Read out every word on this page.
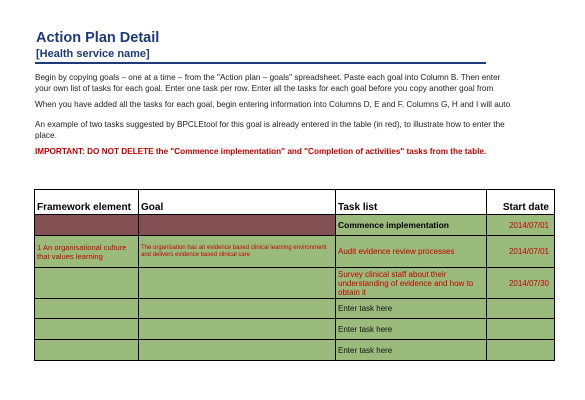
Action Plan Detail
[Health service name]
Begin by copying goals – one at a time – from the "Action plan – goals" spreadsheet. Paste each goal into Column B. Then enter
your own list of tasks for each goal. Enter one task per row. Enter all the tasks for each goal before you copy another goal from
When you have added all the tasks for each goal, begin entering information into Columns D, E and F. Columns G, H and I will auto
An example of two tasks suggested by BPCLEtool for this goal is already entered in the table (in red), to illustrate how to enter the
place.
IMPORTANT: DO NOT DELETE the "Commence implementation" and "Completion of activities" tasks from the table.
Framework element	Goal	Task list	Start date
		Commence implementation	2014/07/01
1 An organisational culture that values learning	The organisation has an evidence based clinical learning environment and delivers evidence based clinical care	Audit evidence review processes	2014/07/01
		Survey clinical staff about their understanding of evidence and how to obtain it	2014/07/30
		Enter task here	
		Enter task here	
		Enter task here	
